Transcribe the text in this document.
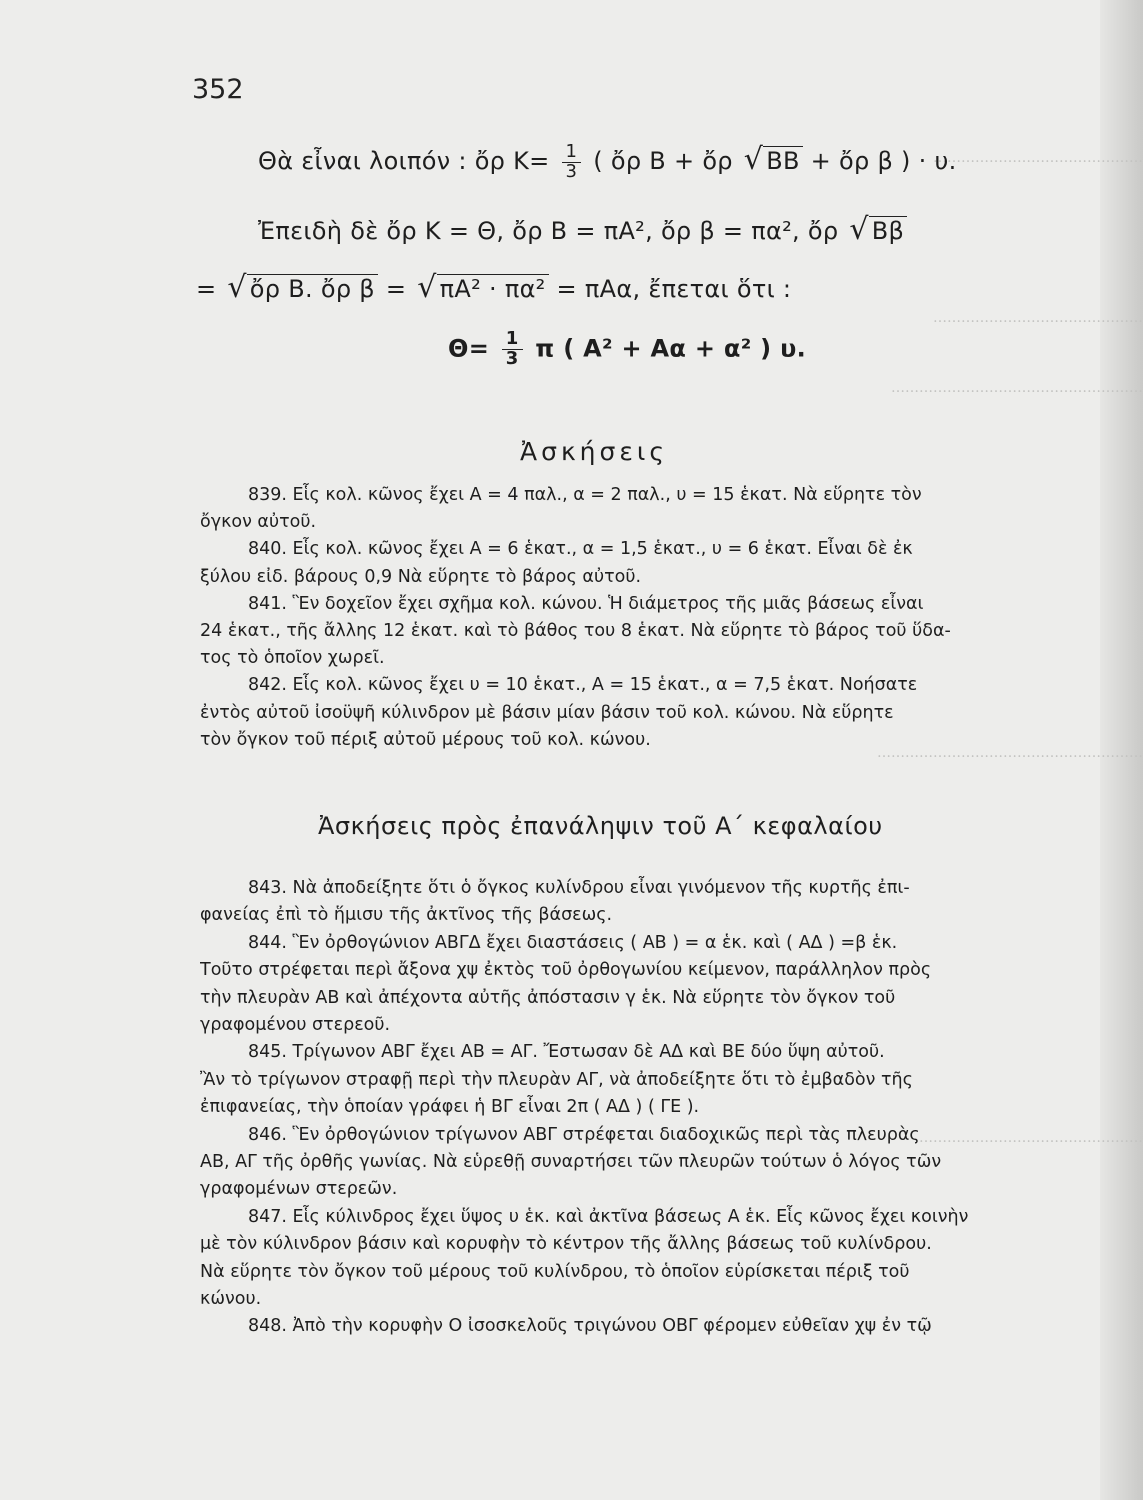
………………………………………
………………………………………
………………………………………………
…………………………………………………
…………………………………………
352
Θὰ εἶναι λοιπόν : ὄρ $K= \frac{1}{3}$ ( ὄρ Β + ὄρ √ ΒΒ + ὄρ β ) · υ.
Ἐπειδὴ δὲ ὄρ Κ = Θ, ὄρ Β = πΑ², ὄρ β = πα², ὄρ √ Ββ
= √ ὄρ Β. ὄρ β = √ πΑ² · πα² = πΑα, ἔπεται ὅτι :
$\Theta= \frac{1}{3}$ π ( Α² + Αα + α² ) υ.
Ἀσκήσεις
839. Εἷς κολ. κῶνος ἔχει Α = 4 παλ., α = 2 παλ., υ = 15 ἑκατ. Νὰ εὕρητε τὸν
ὄγκον αὐτοῦ.
840. Εἷς κολ. κῶνος ἔχει Α = 6 ἑκατ., α = 1,5 ἑκατ., υ = 6 ἑκατ. Εἶναι δὲ ἐκ
ξύλου εἰδ. βάρους 0,9 Νὰ εὕρητε τὸ βάρος αὐτοῦ.
841. Ἓν δοχεῖον ἔχει σχῆμα κολ. κώνου. Ἡ διάμετρος τῆς μιᾶς βάσεως εἶναι
24 ἑκατ., τῆς ἄλλης 12 ἑκατ. καὶ τὸ βάθος του 8 ἑκατ. Νὰ εὕρητε τὸ βάρος τοῦ ὕδα-
τος τὸ ὁποῖον χωρεῖ.
842. Εἷς κολ. κῶνος ἔχει υ = 10 ἑκατ., Α = 15 ἑκατ., α = 7,5 ἑκατ. Νοήσατε
ἐντὸς αὐτοῦ ἰσοϋψῆ κύλινδρον μὲ βάσιν μίαν βάσιν τοῦ κολ. κώνου. Νὰ εὕρητε
τὸν ὄγκον τοῦ πέριξ αὐτοῦ μέρους τοῦ κολ. κώνου.
Ἀσκήσεις πρὸς ἐπανάληψιν τοῦ Α΄ κεφαλαίου
843. Νὰ ἀποδείξητε ὅτι ὁ ὄγκος κυλίνδρου εἶναι γινόμενον τῆς κυρτῆς ἐπι-
φανείας ἐπὶ τὸ ἥμισυ τῆς ἀκτῖνος τῆς βάσεως.
844. Ἓν ὀρθογώνιον ΑΒΓΔ ἔχει διαστάσεις ( ΑΒ ) = α ἑκ. καὶ ( ΑΔ ) =β ἑκ.
Τοῦτο στρέφεται περὶ ἄξονα χψ ἐκτὸς τοῦ ὀρθογωνίου κείμενον, παράλληλον πρὸς
τὴν πλευρὰν ΑΒ καὶ ἀπέχοντα αὐτῆς ἀπόστασιν γ ἑκ. Νὰ εὕρητε τὸν ὄγκον τοῦ
γραφομένου στερεοῦ.
845. Τρίγωνον ΑΒΓ ἔχει ΑΒ = ΑΓ. Ἔστωσαν δὲ ΑΔ καὶ ΒΕ δύο ὕψη αὐτοῦ.
Ἂν τὸ τρίγωνον στραφῇ περὶ τὴν πλευρὰν ΑΓ, νὰ ἀποδείξητε ὅτι τὸ ἐμβαδὸν τῆς
ἐπιφανείας, τὴν ὁποίαν γράφει ἡ ΒΓ εἶναι 2π ( ΑΔ ) ( ΓΕ ).
846. Ἓν ὀρθογώνιον τρίγωνον ΑΒΓ στρέφεται διαδοχικῶς περὶ τὰς πλευρὰς
ΑΒ, ΑΓ τῆς ὀρθῆς γωνίας. Νὰ εὑρεθῇ συναρτήσει τῶν πλευρῶν τούτων ὁ λόγος τῶν
γραφομένων στερεῶν.
847. Εἷς κύλινδρος ἔχει ὕψος υ ἑκ. καὶ ἀκτῖνα βάσεως Α ἑκ. Εἷς κῶνος ἔχει κοινὴν
μὲ τὸν κύλινδρον βάσιν καὶ κορυφὴν τὸ κέντρον τῆς ἄλλης βάσεως τοῦ κυλίνδρου.
Νὰ εὕρητε τὸν ὄγκον τοῦ μέρους τοῦ κυλίνδρου, τὸ ὁποῖον εὑρίσκεται πέριξ τοῦ
κώνου.
848. Ἀπὸ τὴν κορυφὴν Ο ἰσοσκελοῦς τριγώνου ΟΒΓ φέρομεν εὐθεῖαν χψ ἐν τῷ
